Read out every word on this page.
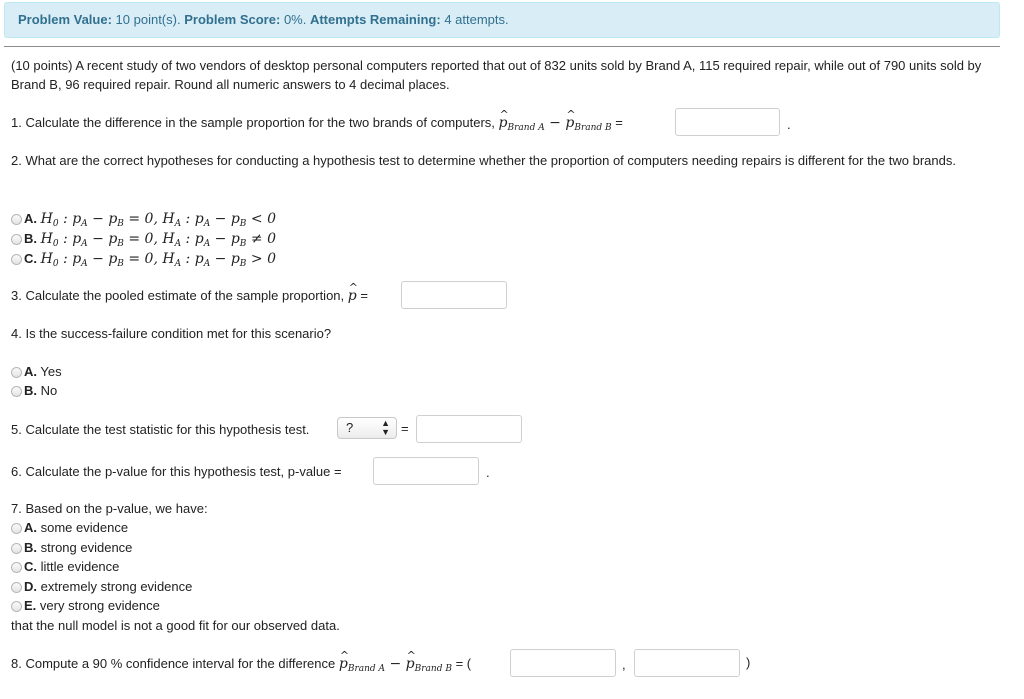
Problem Value: 10 point(s). Problem Score: 0%. Attempts Remaining: 4 attempts.
(10 points) A recent study of two vendors of desktop personal computers reported that out of 832 units sold by Brand A, 115 required repair, while out of 790 units sold by Brand B, 96 required repair. Round all numeric answers to 4 decimal places.
1. Calculate the difference in the sample proportion for the two brands of computers, ^ $p_{Brand A}$ − ^ $p_{Brand B}$ =	.
2. What are the correct hypotheses for conducting a hypothesis test to determine whether the proportion of computers needing repairs is different for the two brands.
A. $H_0$ : $p_A - p_B = 0$, $H_A$ : $p_A - p_B < 0$
B. $H_0$ : $p_A - p_B = 0$, $H_A$ : $p_A - p_B \ne 0$
C. $H_0$ : $p_A - p_B = 0$, $H_A$ : $p_A - p_B > 0$
3. Calculate the pooled estimate of the sample proportion, ^ p =
4. Is the success-failure condition met for this scenario?
A. Yes
B. No
5. Calculate the test statistic for this hypothesis test.	?	▲
▼ =
6. Calculate the p-value for this hypothesis test, p-value =	.
7. Based on the p-value, we have:
A. some evidence
B. strong evidence
C. little evidence
D. extremely strong evidence
E. very strong evidence
that the null model is not a good fit for our observed data.
8. Compute a 90 % confidence interval for the difference ^ $p_{Brand A}$ − ^ $p_{Brand B}$ = (	,	)
